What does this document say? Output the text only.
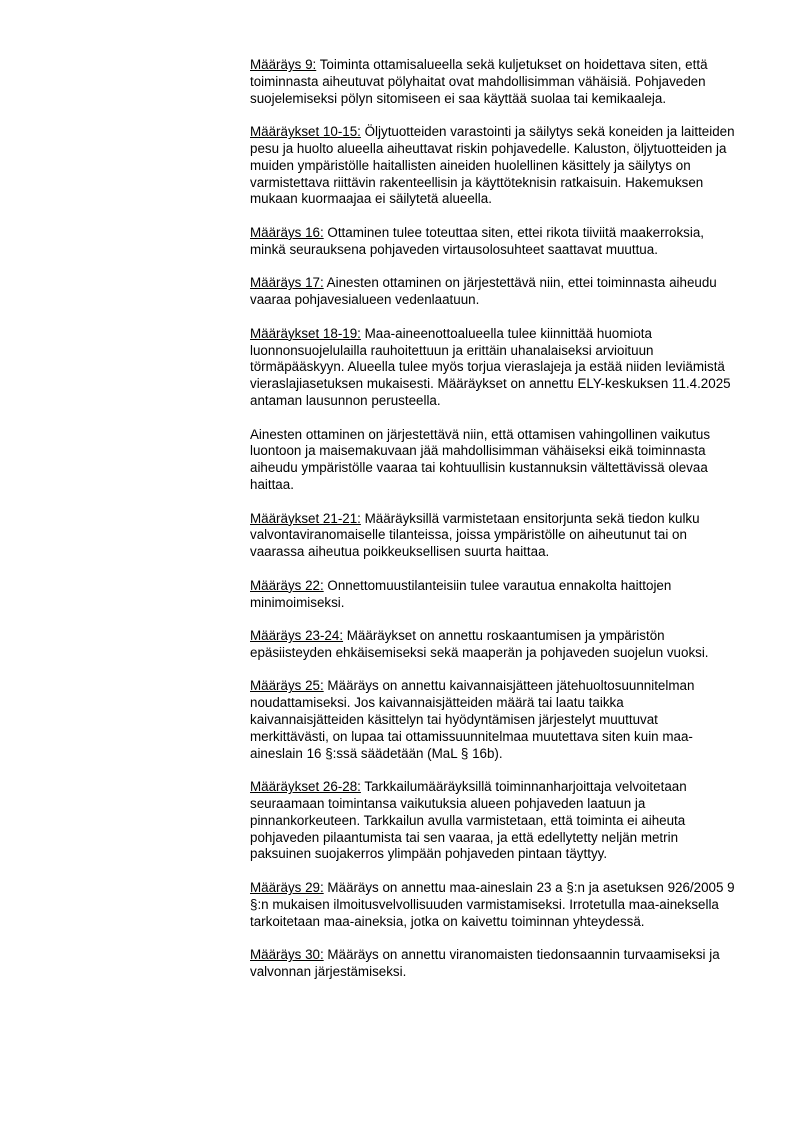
Määräys 9: Toiminta ottamisalueella sekä kuljetukset on hoidettava siten, että toiminnasta aiheutuvat pölyhaitat ovat mahdollisimman vähäisiä. Pohjaveden suojelemiseksi pölyn sitomiseen ei saa käyttää suolaa tai kemikaaleja.

Määräykset 10-15: Öljytuotteiden varastointi ja säilytys sekä koneiden ja laitteiden pesu ja huolto alueella aiheuttavat riskin pohjavedelle. Kaluston, öljytuotteiden ja muiden ympäristölle haitallisten aineiden huolellinen käsittely ja säilytys on varmistettava riittävin rakenteellisin ja käyttöteknisin ratkaisuin. Hakemuksen mukaan kuormaajaa ei säilytetä alueella.

Määräys 16: Ottaminen tulee toteuttaa siten, ettei rikota tiiviitä maakerroksia, minkä seurauksena pohjaveden virtausolosuhteet saattavat muuttua.

Määräys 17: Ainesten ottaminen on järjestettävä niin, ettei toiminnasta aiheudu vaaraa pohjavesialueen vedenlaatuun.

Määräykset 18-19: Maa-aineenottoalueella tulee kiinnittää huomiota luonnonsuojelulailla rauhoitettuun ja erittäin uhanalaiseksi arvioituun törmäpääskyyn. Alueella tulee myös torjua vieraslajeja ja estää niiden leviämistä vieraslajiasetuksen mukaisesti. Määräykset on annettu ELY-keskuksen 11.4.2025 antaman lausunnon perusteella.

Ainesten ottaminen on järjestettävä niin, että ottamisen vahingollinen vaikutus luontoon ja maisemakuvaan jää mahdollisimman vähäiseksi eikä toiminnasta aiheudu ympäristölle vaaraa tai kohtuullisin kustannuksin vältettävissä olevaa haittaa.

Määräykset 21-21: Määräyksillä varmistetaan ensitorjunta sekä tiedon kulku valvontaviranomaiselle tilanteissa, joissa ympäristölle on aiheutunut tai on vaarassa aiheutua poikkeuksellisen suurta haittaa.

Määräys 22: Onnettomuustilanteisiin tulee varautua ennakolta haittojen minimoimiseksi.

Määräys 23-24: Määräykset on annettu roskaantumisen ja ympäristön epäsiisteyden ehkäisemiseksi sekä maaperän ja pohjaveden suojelun vuoksi.

Määräys 25: Määräys on annettu kaivannaisjätteen jätehuoltosuunnitelman noudattamiseksi. Jos kaivannaisjätteiden määrä tai laatu taikka kaivannaisjätteiden käsittelyn tai hyödyntämisen järjestelyt muuttuvat merkittävästi, on lupaa tai ottamissuunnitelmaa muutettava siten kuin maa-aineslain 16 §:ssä säädetään (MaL § 16b).

Määräykset 26-28: Tarkkailumääräyksillä toiminnanharjoittaja velvoitetaan seuraamaan toimintansa vaikutuksia alueen pohjaveden laatuun ja pinnankorkeuteen. Tarkkailun avulla varmistetaan, että toiminta ei aiheuta pohjaveden pilaantumista tai sen vaaraa, ja että edellytetty neljän metrin paksuinen suojakerros ylimpään pohjaveden pintaan täyttyy.

Määräys 29: Määräys on annettu maa-aineslain 23 a §:n ja asetuksen 926/2005 9 §:n mukaisen ilmoitusvelvollisuuden varmistamiseksi. Irrotetulla maa-aineksella tarkoitetaan maa-aineksia, jotka on kaivettu toiminnan yhteydessä.

Määräys 30: Määräys on annettu viranomaisten tiedonsaannin turvaamiseksi ja valvonnan järjestämiseksi.
